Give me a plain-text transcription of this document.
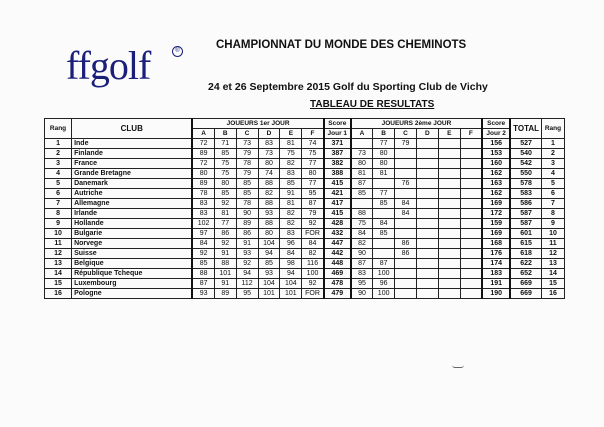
ffgolf	®	CHAMPIONNAT DU MONDE DES CHEMINOTS
24 et 26 Septembre 2015 Golf du Sporting Club de Vichy
TABLEAU DE RESULTATS
Rang	CLUB	JOUEURS 1er JOUR						Score	JOUEURS 2ème JOUR						Score	TOTAL	Rang
		A	B	C	D	E	F	Jour 1	A	B	C	D	E	F	Jour 2		
1	Inde	72	71	73	83	81	74	371		77	79				156	527	1
2	Finlande	89	85	79	73	75	75	387	73	80					153	540	2
3	France	72	75	78	80	82	77	382	80	80					160	542	3
4	Grande Bretagne	80	75	79	74	83	80	388	81	81					162	550	4
5	Danemark	89	80	85	88	85	77	415	87		76				163	578	5
6	Autriche	78	85	85	82	91	95	421	85	77					162	583	6
7	Allemagne	83	92	78	88	81	87	417		85	84				169	586	7
8	Irlande	83	81	90	93	82	79	415	88		84				172	587	8
9	Hollande	102	77	89	88	82	92	428	75	84					159	587	9
10	Bulgarie	97	86	86	80	83	FOR	432	84	85					169	601	10
11	Norvege	84	92	91	104	96	84	447	82		86				168	615	11
12	Suisse	92	91	93	94	84	82	442	90		86				176	618	12
13	Belgique	85	88	92	85	98	116	448	87	87					174	622	13
14	République Tcheque	88	101	94	93	94	100	469	83	100					183	652	14
15	Luxembourg	87	91	112	104	104	92	478	95	96					191	669	15
16	Pologne	93	89	95	101	101	FOR	479	90	100					190	669	16
